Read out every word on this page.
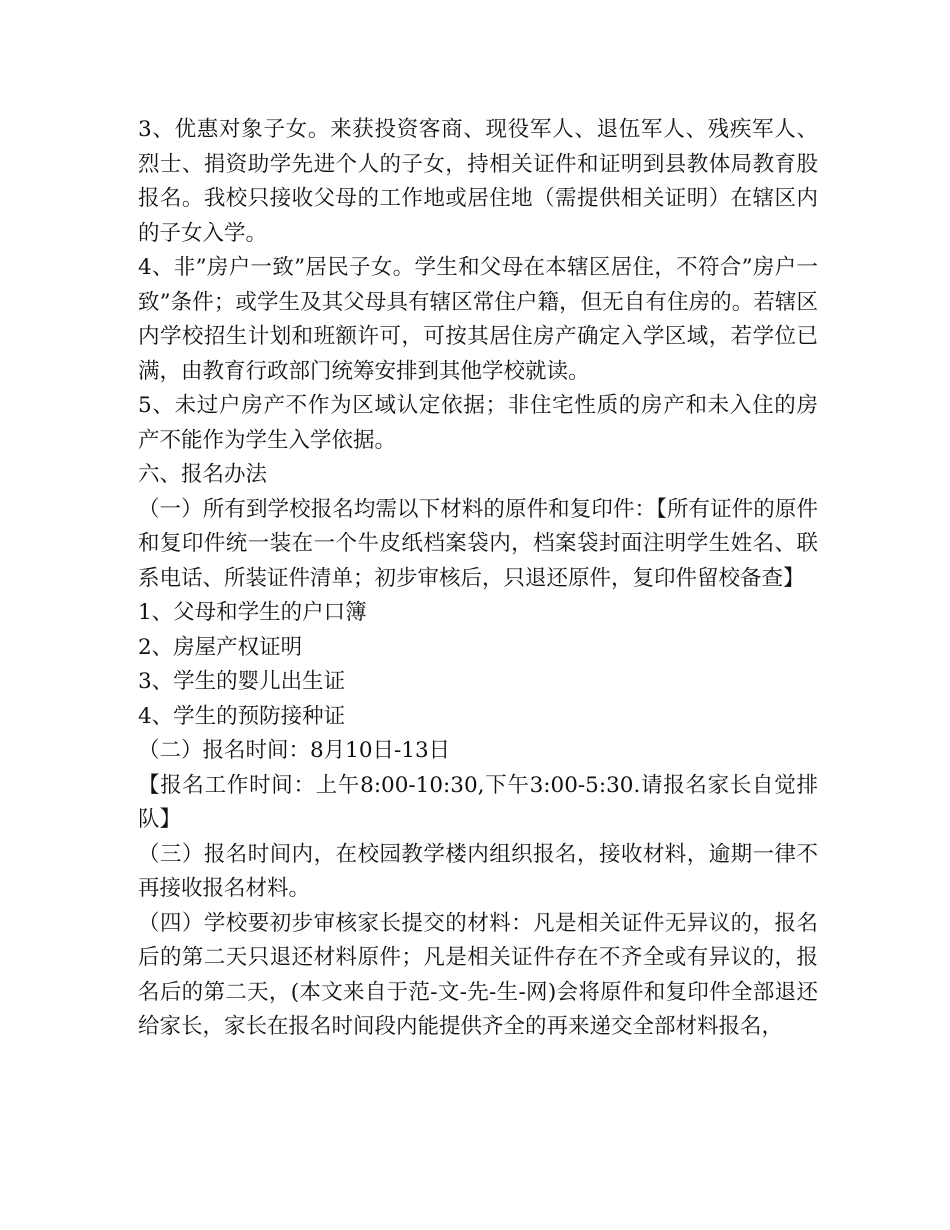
3、优惠对象子女。来获投资客商、现役军人、退伍军人、残疾军人、烈士、捐资助学先进个人的子女，持相关证件和证明到县教体局教育股报名。我校只接收父母的工作地或居住地（需提供相关证明）在辖区内的子女入学。

4、非”房户一致”居民子女。学生和父母在本辖区居住，不符合”房户一致”条件；或学生及其父母具有辖区常住户籍，但无自有住房的。若辖区内学校招生计划和班额许可，可按其居住房产确定入学区域，若学位已满，由教育行政部门统筹安排到其他学校就读。

5、未过户房产不作为区域认定依据；非住宅性质的房产和未入住的房产不能作为学生入学依据。

六、报名办法

（一）所有到学校报名均需以下材料的原件和复印件：【所有证件的原件和复印件统一装在一个牛皮纸档案袋内，档案袋封面注明学生姓名、联系电话、所装证件清单；初步审核后，只退还原件，复印件留校备查】

1、父母和学生的户口簿

2、房屋产权证明

3、学生的婴儿出生证

4、学生的预防接种证

（二）报名时间：8月10日-13日

【报名工作时间：上午8:00-10:30,下午3:00-5:30.请报名家长自觉排队】

（三）报名时间内，在校园教学楼内组织报名，接收材料，逾期一律不再接收报名材料。

（四）学校要初步审核家长提交的材料：凡是相关证件无异议的，报名后的第二天只退还材料原件；凡是相关证件存在不齐全或有异议的，报名后的第二天，(本文来自于范-文-先-生-网)会将原件和复印件全部退还给家长，家长在报名时间段内能提供齐全的再来递交全部材料报名，
